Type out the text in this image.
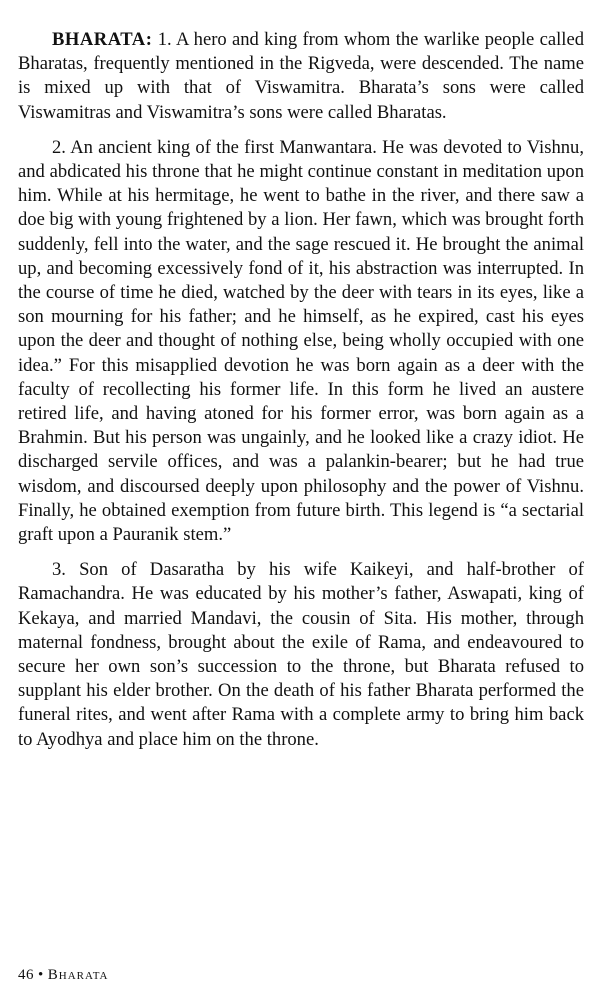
BHARATA: 1. A hero and king from whom the warlike people called Bharatas, frequently mentioned in the Rigveda, were descended. The name is mixed up with that of Viswamitra. Bharata’s sons were called Viswamitras and Viswamitra’s sons were called Bharatas.

2. An ancient king of the first Manwantara. He was devoted to Vishnu, and abdicated his throne that he might continue constant in meditation upon him. While at his hermitage, he went to bathe in the river, and there saw a doe big with young frightened by a lion. Her fawn, which was brought forth suddenly, fell into the water, and the sage rescued it. He brought the animal up, and becoming excessively fond of it, his abstraction was interrupted. In the course of time he died, watched by the deer with tears in its eyes, like a son mourning for his father; and he himself, as he expired, cast his eyes upon the deer and thought of nothing else, being wholly occupied with one idea.” For this misapplied devotion he was born again as a deer with the faculty of recollecting his former life. In this form he lived an austere retired life, and having atoned for his former error, was born again as a Brahmin. But his person was ungainly, and he looked like a crazy idiot. He discharged servile offices, and was a palankin-bearer; but he had true wisdom, and discoursed deeply upon philosophy and the power of Vishnu. Finally, he obtained exemption from future birth. This legend is “a sectarial graft upon a Pauranik stem.”

3. Son of Dasaratha by his wife Kaikeyi, and half-brother of Ramachandra. He was educated by his mother’s father, Aswapati, king of Kekaya, and married Mandavi, the cousin of Sita. His mother, through maternal fondness, brought about the exile of Rama, and endeavoured to secure her own son’s succession to the throne, but Bharata refused to supplant his elder brother. On the death of his father Bharata performed the funeral rites, and went after Rama with a complete army to bring him back to Ayodhya and place him on the throne.

46 • Bharata
